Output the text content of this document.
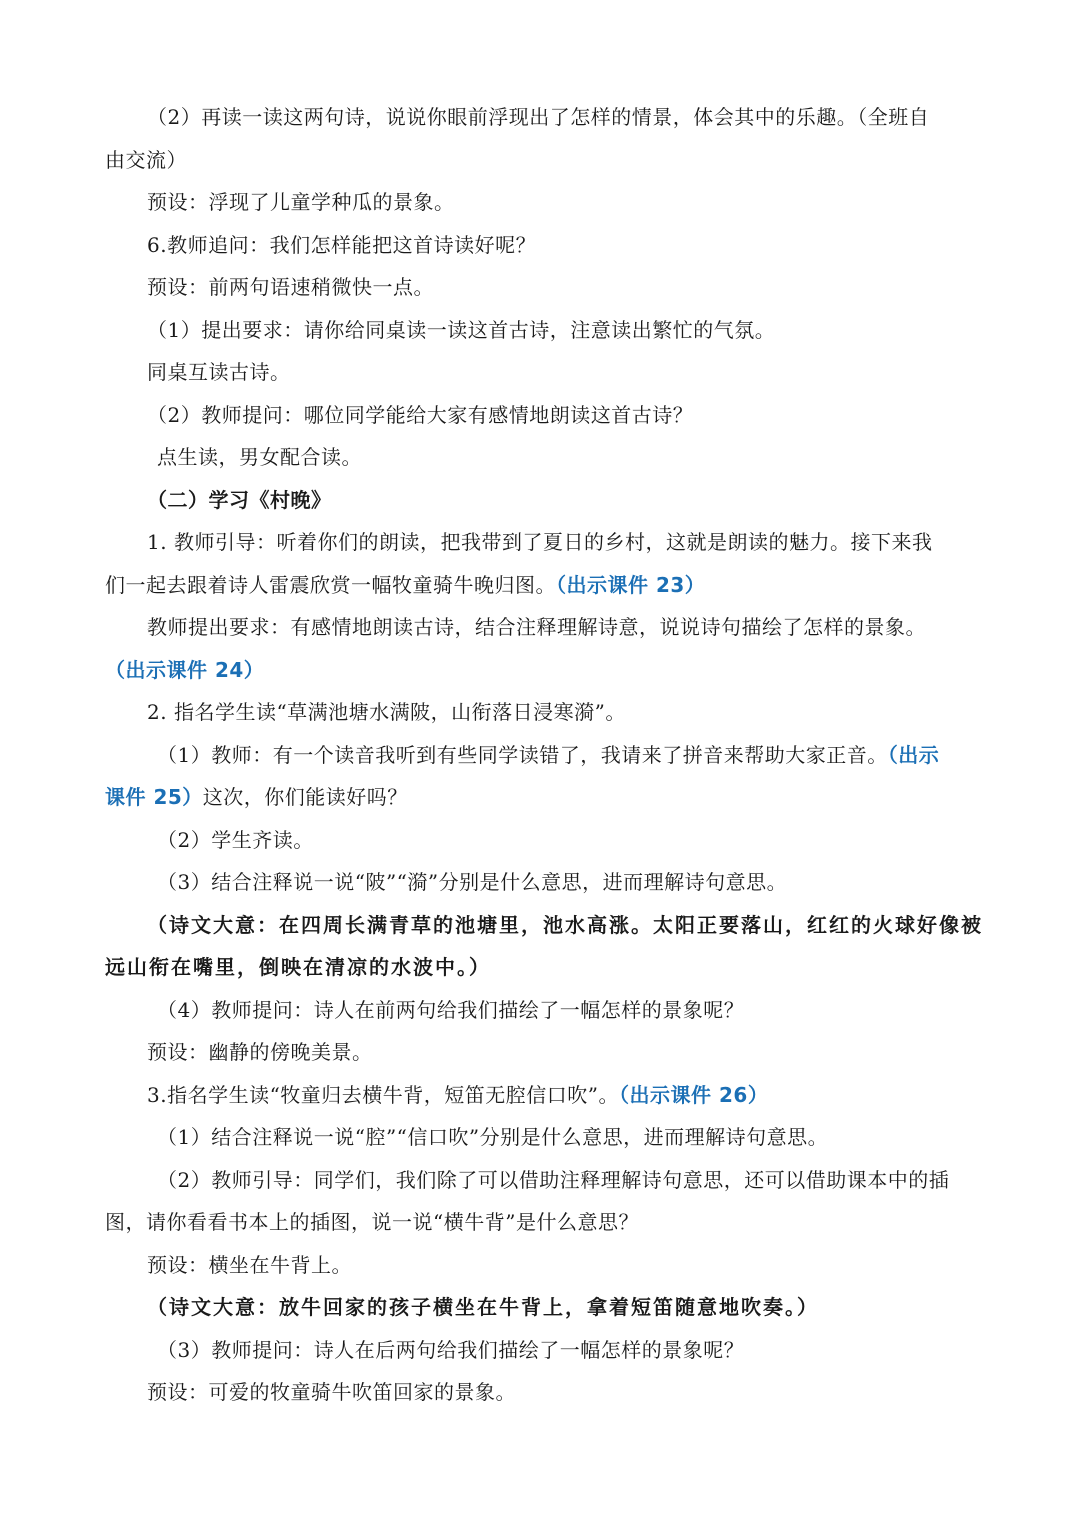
（2）再读一读这两句诗，说说你眼前浮现出了怎样的情景，体会其中的乐趣。（全班自
由交流）
预设：浮现了儿童学种瓜的景象。
6.教师追问：我们怎样能把这首诗读好呢？
预设：前两句语速稍微快一点。
（1）提出要求：请你给同桌读一读这首古诗，注意读出繁忙的气氛。
同桌互读古诗。
（2）教师提问：哪位同学能给大家有感情地朗读这首古诗？
点生读，男女配合读。
（二）学习《村晚》
1. 教师引导：听着你们的朗读，把我带到了夏日的乡村，这就是朗读的魅力。接下来我
们一起去跟着诗人雷震欣赏一幅牧童骑牛晚归图。（出示课件 23）
教师提出要求：有感情地朗读古诗，结合注释理解诗意，说说诗句描绘了怎样的景象。
（出示课件 24）
2. 指名学生读“草满池塘水满陂，山衔落日浸寒漪”。
（1）教师：有一个读音我听到有些同学读错了，我请来了拼音来帮助大家正音。（出示
课件 25）这次，你们能读好吗？
（2）学生齐读。
（3）结合注释说一说“陂”“漪”分别是什么意思，进而理解诗句意思。
（诗文大意：在四周长满青草的池塘里，池水高涨。太阳正要落山，红红的火球好像被
远山衔在嘴里，倒映在清凉的水波中。）
（4）教师提问：诗人在前两句给我们描绘了一幅怎样的景象呢？
预设：幽静的傍晚美景。
3.指名学生读“牧童归去横牛背，短笛无腔信口吹”。（出示课件 26）
（1）结合注释说一说“腔”“信口吹”分别是什么意思，进而理解诗句意思。
（2）教师引导：同学们，我们除了可以借助注释理解诗句意思，还可以借助课本中的插
图，请你看看书本上的插图，说一说“横牛背”是什么意思？
预设：横坐在牛背上。
（诗文大意：放牛回家的孩子横坐在牛背上，拿着短笛随意地吹奏。）
（3）教师提问：诗人在后两句给我们描绘了一幅怎样的景象呢？
预设：可爱的牧童骑牛吹笛回家的景象。
